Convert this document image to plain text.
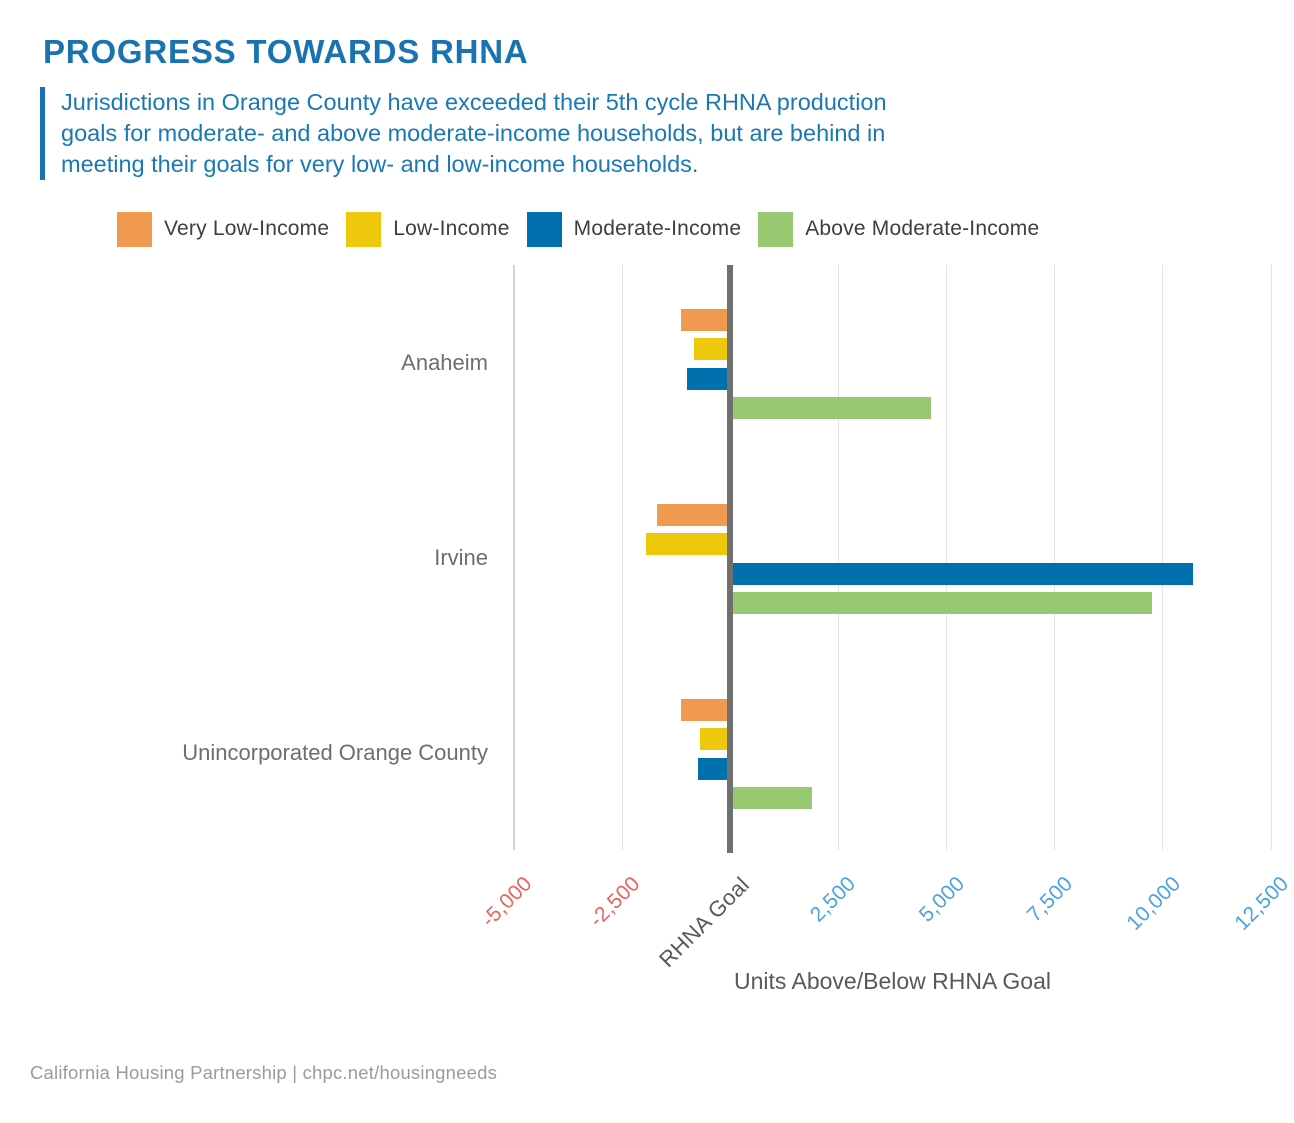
PROGRESS TOWARDS RHNA
Jurisdictions in Orange County have exceeded their 5th cycle RHNA production
goals for moderate- and above moderate-income households, but are behind in
meeting their goals for very low- and low-income households.
Very Low-Income	Low-Income	Moderate-Income	Above Moderate-Income
Anaheim
Irvine
Unincorporated Orange County
Units Above/Below RHNA Goal
California Housing Partnership | chpc.net/housingneeds
-5,000 -2,500 RHNA Goal 2,500	5,000	7,500 10,000 12,500
